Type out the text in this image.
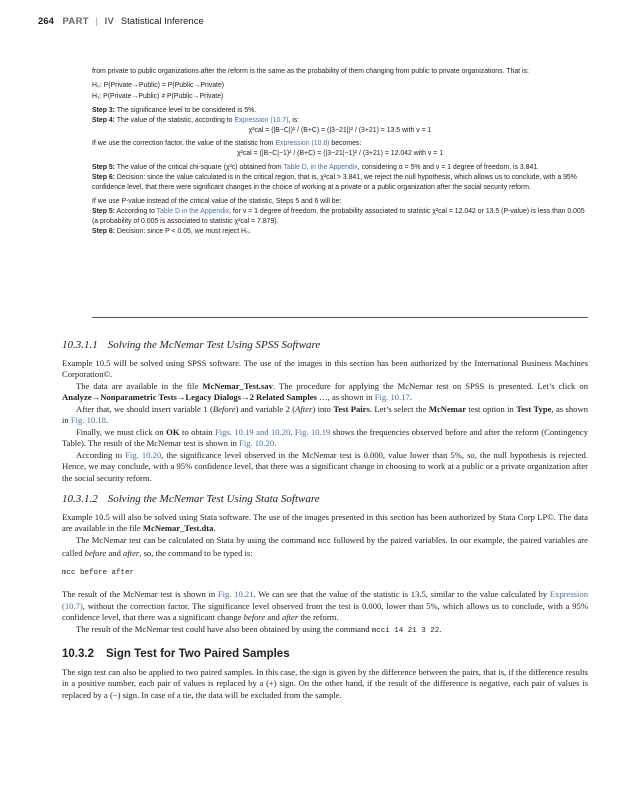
264 PART | IV Statistical Inference

from private to public organizations after the reform is the same as the probability of them changing from public to private organizations. That is:

H₀: P(Private→Public) = P(Public→Private)

H₁: P(Private→Public) ≠ P(Public→Private)

Step 3: The significance level to be considered is 5%.

Step 4: The value of the statistic, according to Expression (10.7), is:

χ²cal = (|B−C|)² / (B+C) = (|3−21|)² / (3+21) = 13.5 with ν = 1

If we use the correction factor, the value of the statistic from Expression (10.8) becomes:

χ²cal = (|B−C|−1)² / (B+C) = (|3−21|−1)² / (3+21) = 12.042 with ν = 1

Step 5: The value of the critical chi-square (χ²c) obtained from Table D, in the Appendix, considering α = 5% and ν = 1 degree of freedom, is 3.841.

Step 6: Decision: since the value calculated is in the critical region, that is, χ²cal > 3.841, we reject the null hypothesis, which allows us to conclude, with a 95% confidence level, that there were significant changes in the choice of working at a private or a public organization after the social security reform.

If we use P-value instead of the critical value of the statistic, Steps 5 and 6 will be:

Step 5: According to Table D in the Appendix, for ν = 1 degree of freedom, the probability associated to statistic χ²cal = 12.042 or 13.5 (P-value) is less than 0.005 (a probability of 0.005 is associated to statistic χ²cal = 7.879).

Step 6: Decision: since P < 0.05, we must reject H₀.

10.3.1.1 Solving the McNemar Test Using SPSS Software

Example 10.5 will be solved using SPSS software. The use of the images in this section has been authorized by the International Business Machines Corporation©.

The data are available in the file McNemar_Test.sav. The procedure for applying the McNemar test on SPSS is presented. Let’s click on Analyze→Nonparametric Tests→Legacy Dialogs→2 Related Samples …, as shown in Fig. 10.17.

After that, we should insert variable 1 (Before) and variable 2 (After) into Test Pairs. Let’s select the McNemar test option in Test Type, as shown in Fig. 10.18.

Finally, we must click on OK to obtain Figs. 10.19 and 10.20. Fig. 10.19 shows the frequencies observed before and after the reform (Contingency Table). The result of the McNemar test is shown in Fig. 10.20.

According to Fig. 10.20, the significance level observed in the McNemar test is 0.000, value lower than 5%, so, the null hypothesis is rejected. Hence, we may conclude, with a 95% confidence level, that there was a significant change in choosing to work at a public or a private organization after the social security reform.

10.3.1.2 Solving the McNemar Test Using Stata Software

Example 10.5 will also be solved using Stata software. The use of the images presented in this section has been authorized by Stata Corp LP©. The data are available in the file McNemar_Test.dta.

The McNemar test can be calculated on Stata by using the command mcc followed by the paired variables. In our example, the paired variables are called before and after, so, the command to be typed is:

mcc before after

The result of the McNemar test is shown in Fig. 10.21. We can see that the value of the statistic is 13.5, similar to the value calculated by Expression (10.7), without the correction factor. The significance level observed from the test is 0.000, lower than 5%, which allows us to conclude, with a 95% confidence level, that there was a significant change before and after the reform.

The result of the McNemar test could have also been obtained by using the command mcci 14 21 3 22.

10.3.2 Sign Test for Two Paired Samples

The sign test can also be applied to two paired samples. In this case, the sign is given by the difference between the pairs, that is, if the difference results in a positive number, each pair of values is replaced by a (+) sign. On the other hand, if the result of the difference is negative, each pair of values is replaced by a (−) sign. In case of a tie, the data will be excluded from the sample.
